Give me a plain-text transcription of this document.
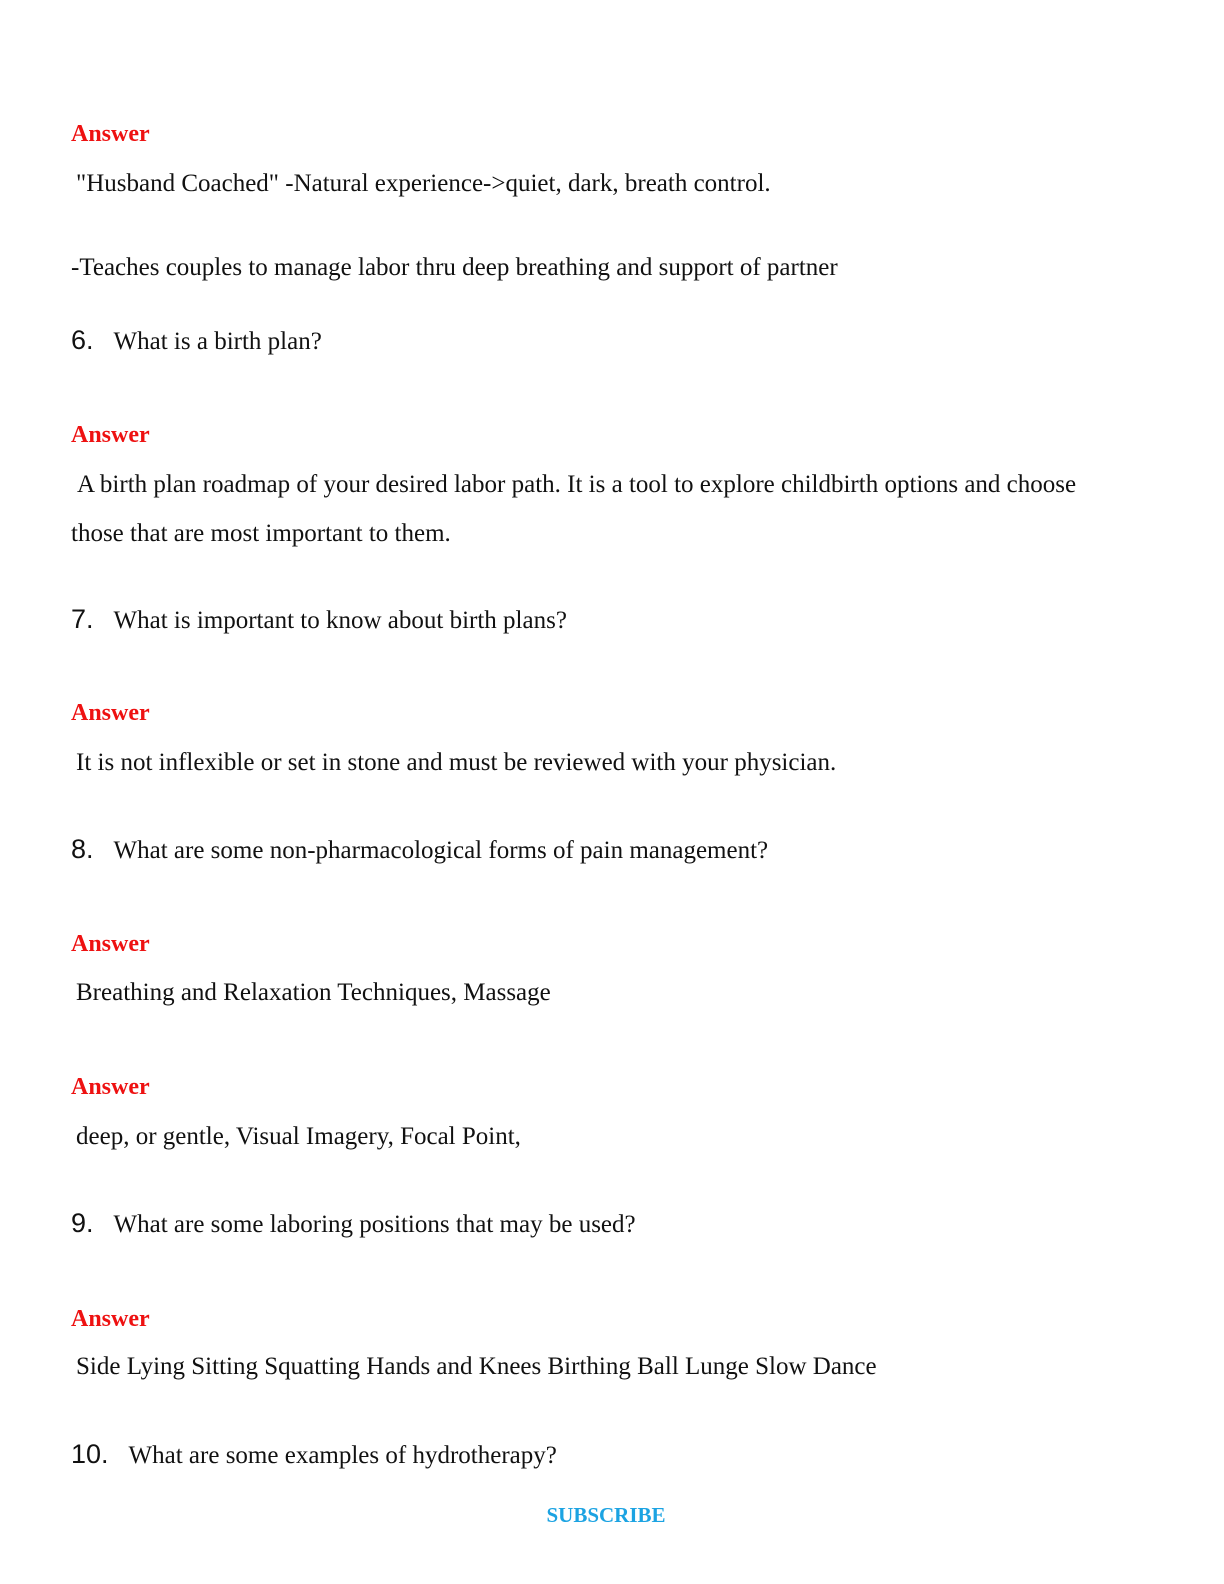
Answer
"Husband Coached" -Natural experience->quiet, dark, breath control.
-Teaches couples to manage labor thru deep breathing and support of partner
6. What is a birth plan?
Answer
A birth plan roadmap of your desired labor path. It is a tool to explore childbirth options and choose those that are most important to them.
7. What is important to know about birth plans?
Answer
It is not inflexible or set in stone and must be reviewed with your physician.
8. What are some non-pharmacological forms of pain management?
Answer
Breathing and Relaxation Techniques, Massage
Answer
deep, or gentle, Visual Imagery, Focal Point,
9. What are some laboring positions that may be used?
Answer
Side Lying Sitting Squatting Hands and Knees Birthing Ball Lunge Slow Dance
10. What are some examples of hydrotherapy?
SUBSCRIBE
